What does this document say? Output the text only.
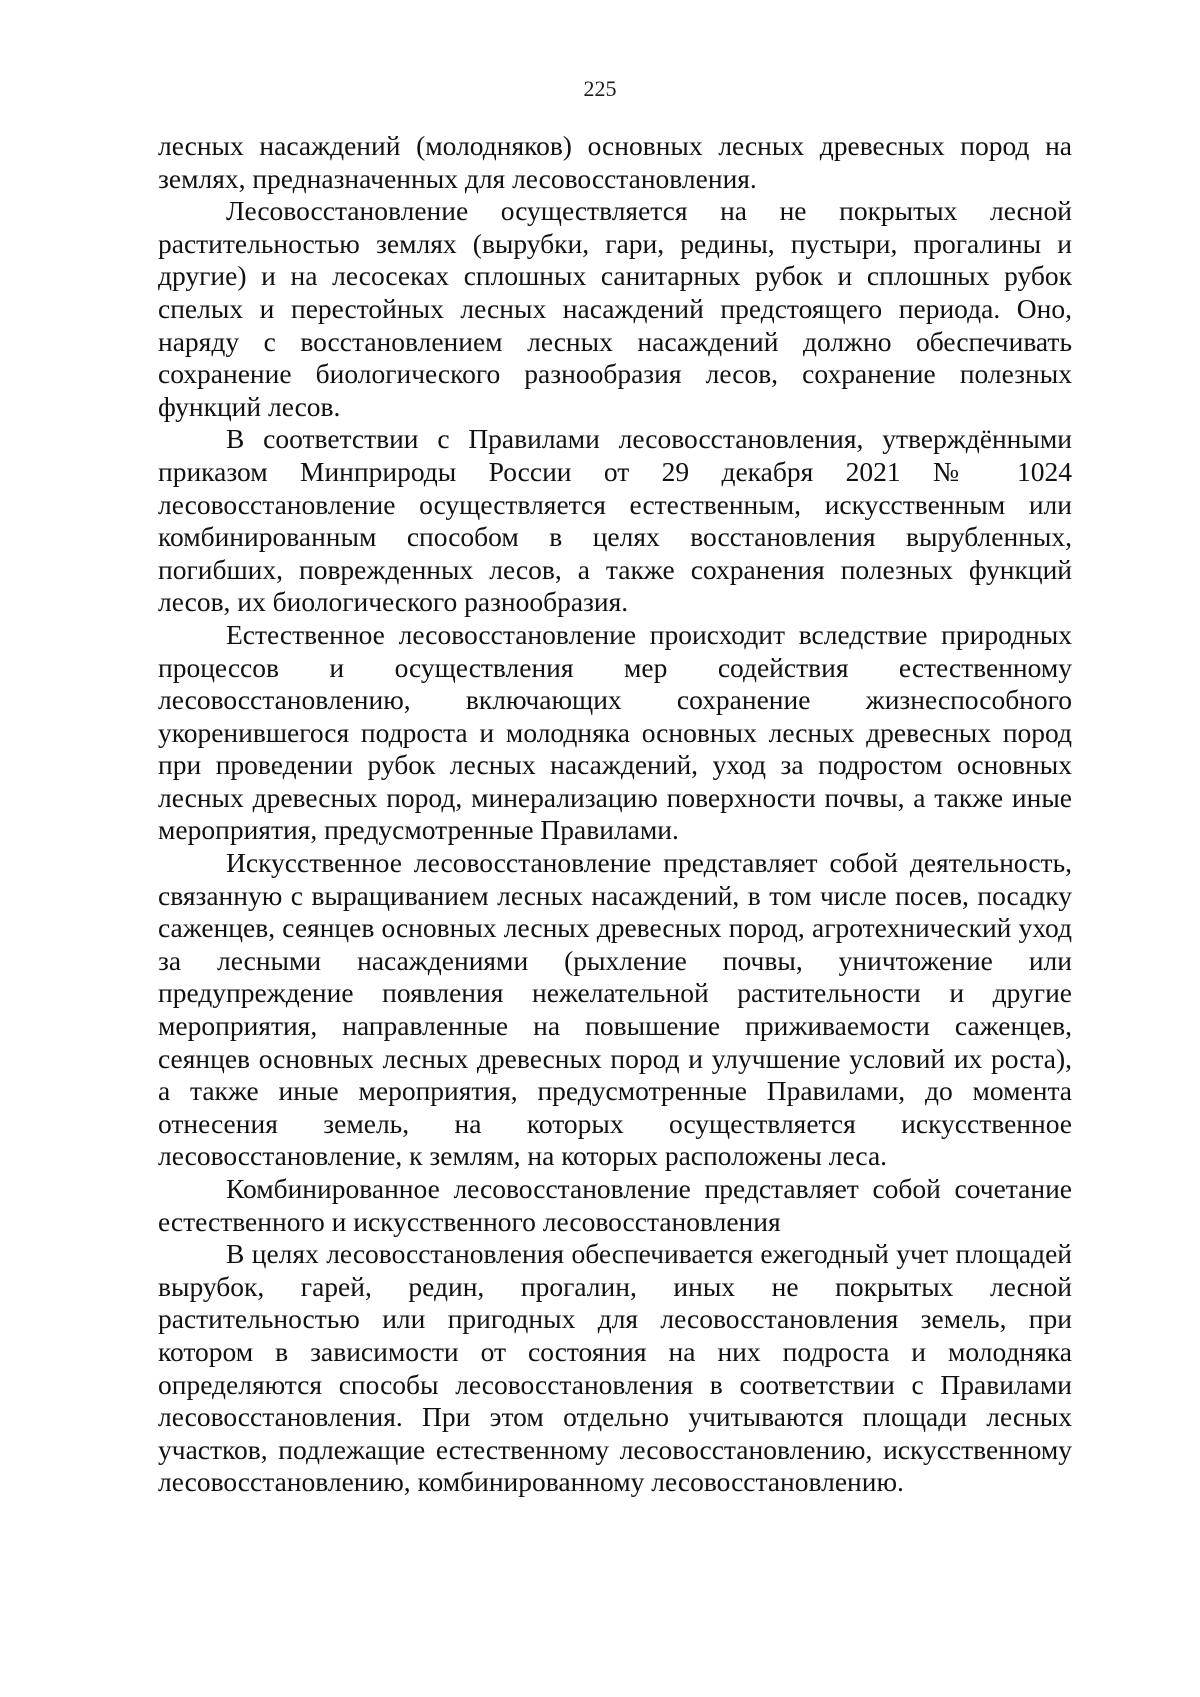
225

лесных насаждений (молодняков) основных лесных древесных пород на землях, предназначенных для лесовосстановления.

Лесовосстановление осуществляется на не покрытых лесной растительностью землях (вырубки, гари, редины, пустыри, прогалины и другие) и на лесосеках сплошных санитарных рубок и сплошных рубок спелых и перестойных лесных насаждений предстоящего периода. Оно, наряду с восстановлением лесных насаждений должно обеспечивать сохранение биологического разнообразия лесов, сохранение полезных функций лесов.

В соответствии с Правилами лесовосстановления, утверждёнными приказом Минприроды России от 29 декабря 2021 № 1024 лесовосстановление осуществляется естественным, искусственным или комбинированным способом в целях восстановления вырубленных, погибших, поврежденных лесов, а также сохранения полезных функций лесов, их биологического разнообразия.

Естественное лесовосстановление происходит вследствие природных процессов и осуществления мер содействия естественному лесовосстановлению, включающих сохранение жизнеспособного укоренившегося подроста и молодняка основных лесных древесных пород при проведении рубок лесных насаждений, уход за подростом основных лесных древесных пород, минерализацию поверхности почвы, а также иные мероприятия, предусмотренные Правилами.

Искусственное лесовосстановление представляет собой деятельность, связанную с выращиванием лесных насаждений, в том числе посев, посадку саженцев, сеянцев основных лесных древесных пород, агротехнический уход за лесными насаждениями (рыхление почвы, уничтожение или предупреждение появления нежелательной растительности и другие мероприятия, направленные на повышение приживаемости саженцев, сеянцев основных лесных древесных пород и улучшение условий их роста), а также иные мероприятия, предусмотренные Правилами, до момента отнесения земель, на которых осуществляется искусственное лесовосстановление, к землям, на которых расположены леса.

Комбинированное лесовосстановление представляет собой сочетание естественного и искусственного лесовосстановления

В целях лесовосстановления обеспечивается ежегодный учет площадей вырубок, гарей, редин, прогалин, иных не покрытых лесной растительностью или пригодных для лесовосстановления земель, при котором в зависимости от состояния на них подроста и молодняка определяются способы лесовосстановления в соответствии с Правилами лесовосстановления. При этом отдельно учитываются площади лесных участков, подлежащие естественному лесовосстановлению, искусственному лесовосстановлению, комбинированному лесовосстановлению.
